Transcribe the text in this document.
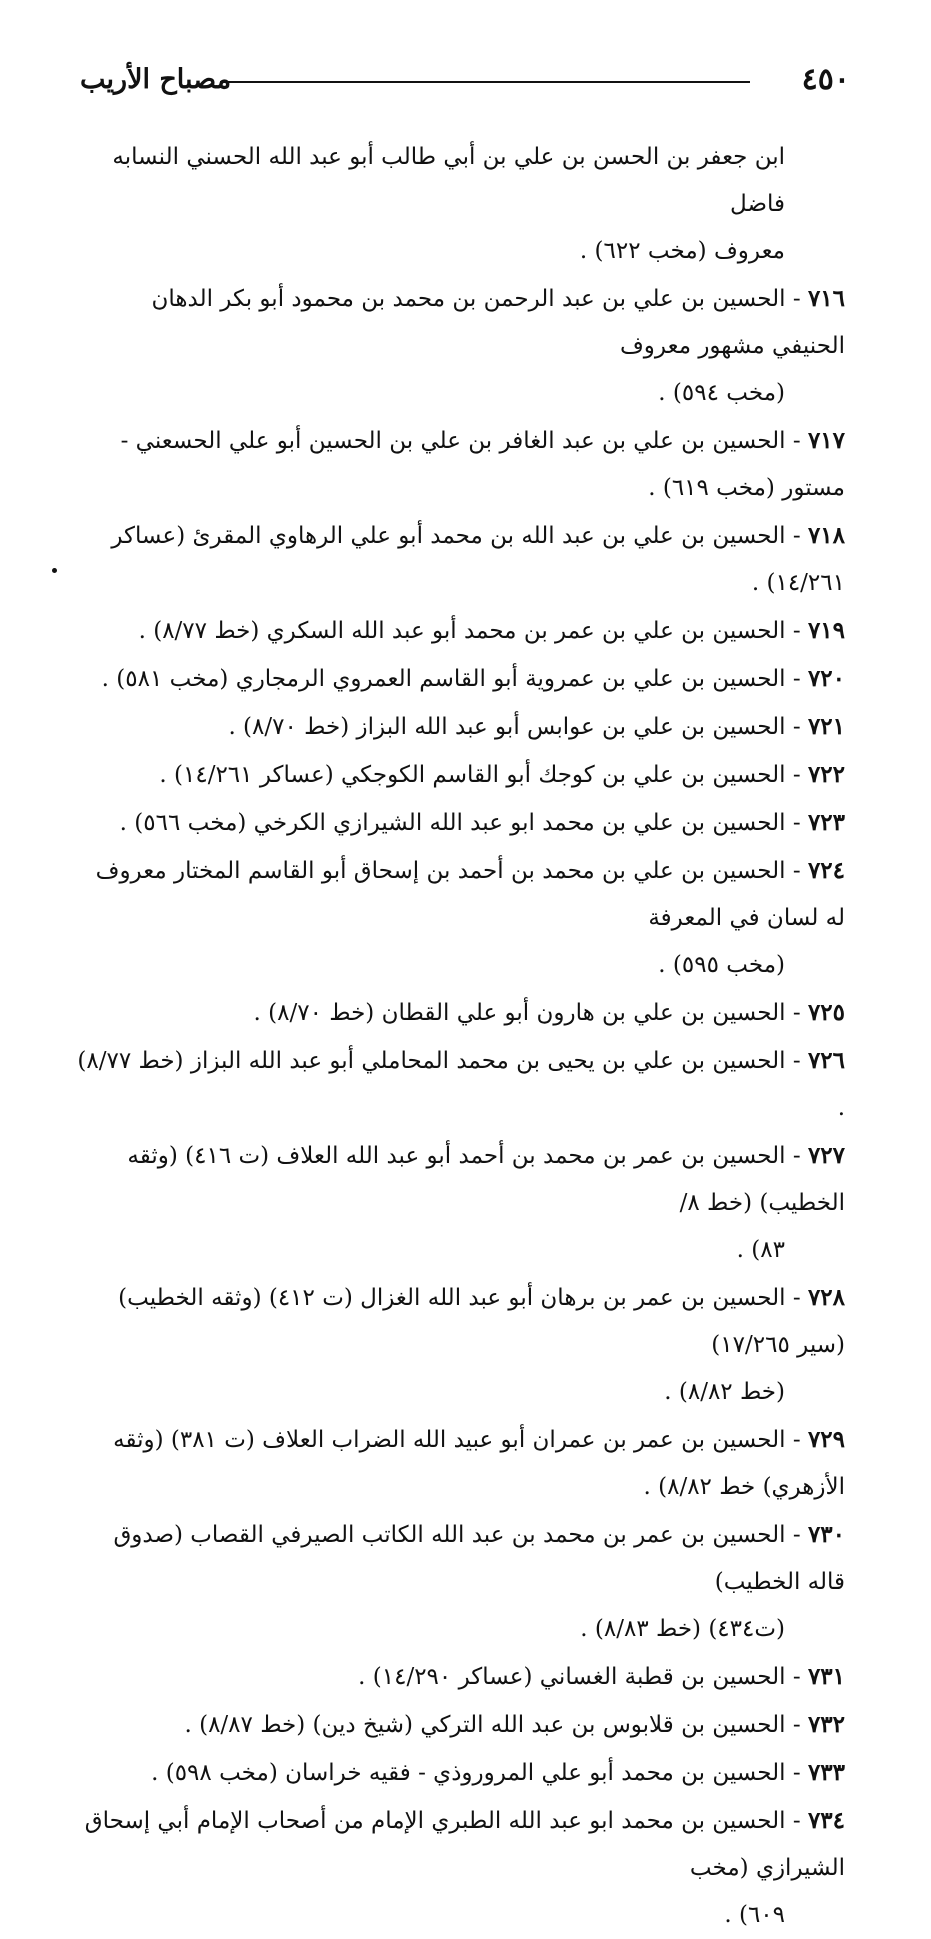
٤٥٠
مصباح الأريب
ابن جعفر بن الحسن بن علي بن أبي طالب أبو عبد الله الحسني النسابه فاضل
معروف (مخب ٦٢٢) .
٧١٦ - الحسين بن علي بن عبد الرحمن بن محمد بن محمود أبو بكر الدهان الحنيفي مشهور معروف
(مخب ٥٩٤) .
٧١٧ - الحسين بن علي بن عبد الغافر بن علي بن الحسين أبو علي الحسعني - مستور (مخب ٦١٩) .
٧١٨ - الحسين بن علي بن عبد الله بن محمد أبو علي الرهاوي المقرئ (عساكر ١٤/٢٦١) .
٧١٩ - الحسين بن علي بن عمر بن محمد أبو عبد الله السكري (خط ٨/٧٧) .
٧٢٠ - الحسين بن علي بن عمروية أبو القاسم العمروي الرمجاري (مخب ٥٨١) .
٧٢١ - الحسين بن علي بن عوابس أبو عبد الله البزاز (خط ٨/٧٠) .
٧٢٢ - الحسين بن علي بن كوجك أبو القاسم الكوجكي (عساكر ١٤/٢٦١) .
٧٢٣ - الحسين بن علي بن محمد ابو عبد الله الشيرازي الكرخي (مخب ٥٦٦) .
٧٢٤ - الحسين بن علي بن محمد بن أحمد بن إسحاق أبو القاسم المختار معروف له لسان في المعرفة
(مخب ٥٩٥) .
٧٢٥ - الحسين بن علي بن هارون أبو علي القطان (خط ٨/٧٠) .
٧٢٦ - الحسين بن علي بن يحيى بن محمد المحاملي أبو عبد الله البزاز (خط ٨/٧٧) .
٧٢٧ - الحسين بن عمر بن محمد بن أحمد أبو عبد الله العلاف (ت ٤١٦) (وثقه الخطيب) (خط ٨/
٨٣) .
٧٢٨ - الحسين بن عمر بن برهان أبو عبد الله الغزال (ت ٤١٢) (وثقه الخطيب) (سير ١٧/٢٦٥)
(خط ٨/٨٢) .
٧٢٩ - الحسين بن عمر بن عمران أبو عبيد الله الضراب العلاف (ت ٣٨١) (وثقه الأزهري) خط ٨/٨٢) .
٧٣٠ - الحسين بن عمر بن محمد بن عبد الله الكاتب الصيرفي القصاب (صدوق قاله الخطيب)
(ت٤٣٤) (خط ٨/٨٣) .
٧٣١ - الحسين بن قطبة الغساني (عساكر ١٤/٢٩٠) .
٧٣٢ - الحسين بن قلابوس بن عبد الله التركي (شيخ دين) (خط ٨/٨٧) .
٧٣٣ - الحسين بن محمد أبو علي المروروذي - فقيه خراسان (مخب ٥٩٨) .
٧٣٤ - الحسين بن محمد ابو عبد الله الطبري الإمام من أصحاب الإمام أبي إسحاق الشيرازي (مخب
٦٠٩) .
